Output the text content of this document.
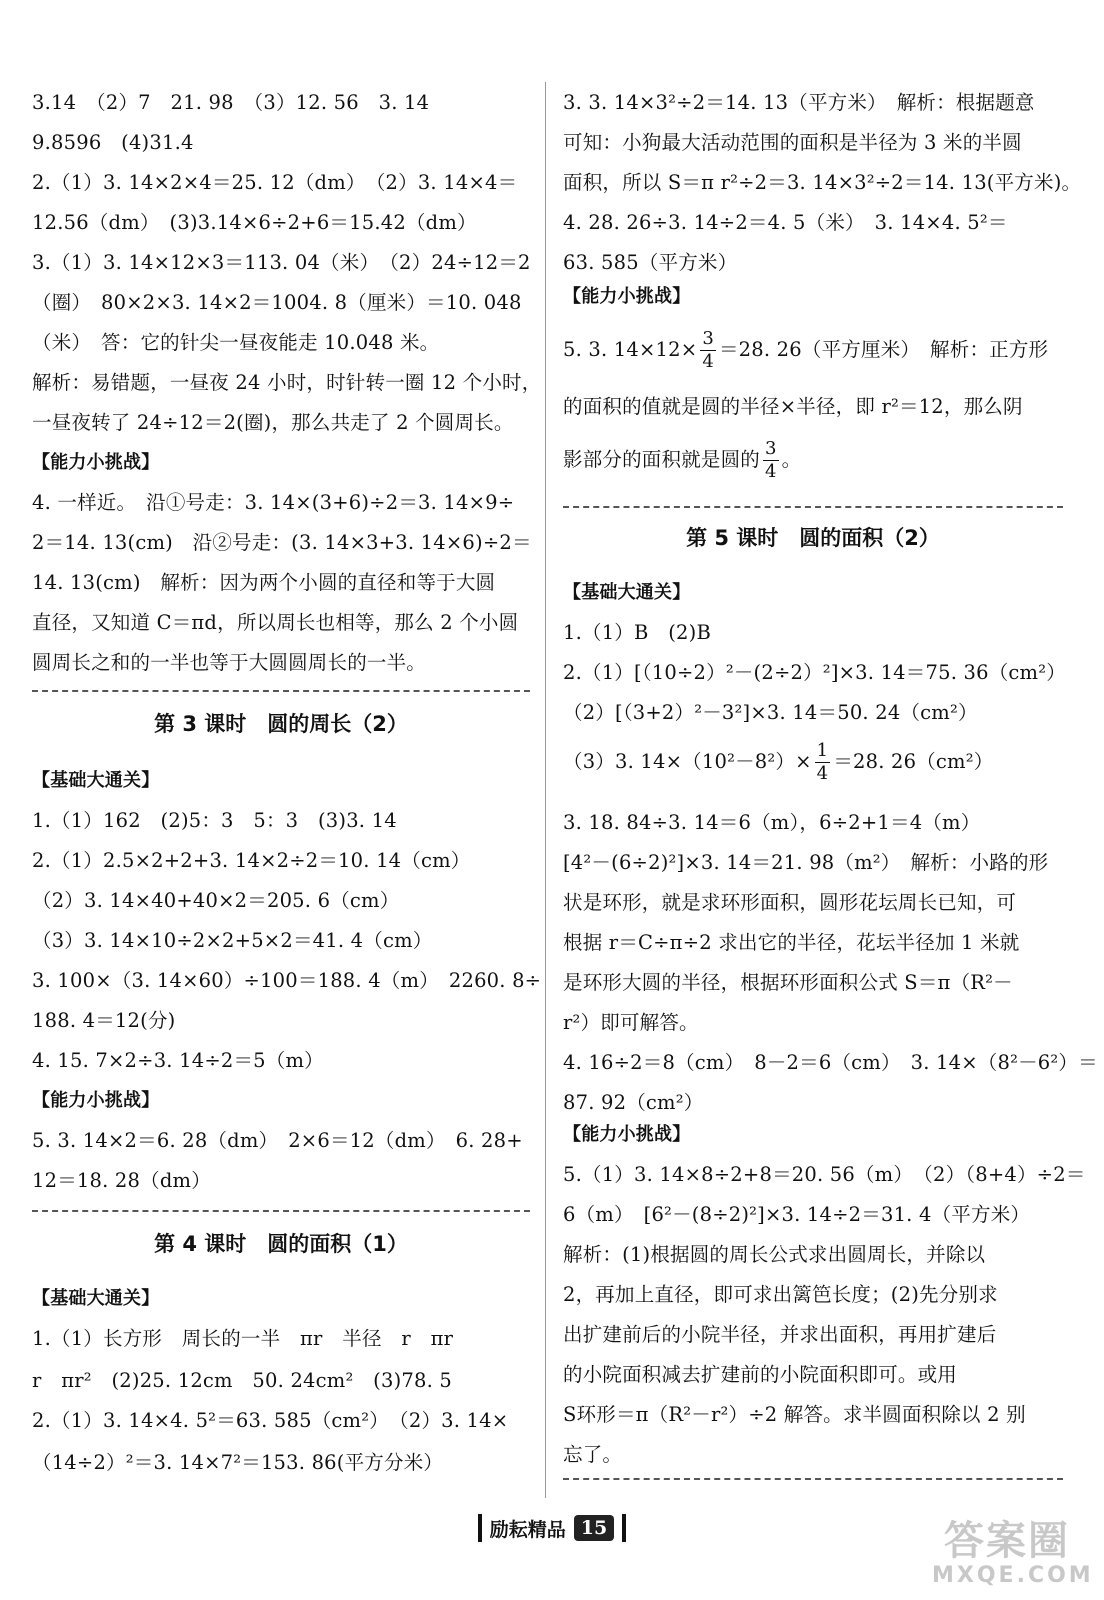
3.14　（2）7　21. 98　（3）12. 56　3. 14
9.8596　(4)31.4
2.（1）3. 14×2×4＝25. 12（dm）　（2）3. 14×4＝
12.56（dm）　(3)3.14×6÷2+6＝15.42（dm）
3.（1）3. 14×12×3＝113. 04（米）　（2）24÷12＝2
（圈）　80×2×3. 14×2＝1004. 8（厘米）＝10. 048
（米）　答：它的针尖一昼夜能走 10.048 米。
解析：易错题，一昼夜 24 小时，时针转一圈 12 个小时，
一昼夜转了 24÷12＝2(圈)，那么共走了 2 个圆周长。
【能力小挑战】
4. 一样近。　沿①号走：3. 14×(3+6)÷2＝3. 14×9÷
2＝14. 13(cm)　沿②号走：(3. 14×3+3. 14×6)÷2＝
14. 13(cm)　解析：因为两个小圆的直径和等于大圆
直径，又知道 C＝πd，所以周长也相等，那么 2 个小圆
圆周长之和的一半也等于大圆圆周长的一半。
第 3 课时　圆的周长（2）
【基础大通关】
1.（1）162　(2)5：3　5：3　(3)3. 14
2.（1）2.5×2+2+3. 14×2÷2＝10. 14（cm）
（2）3. 14×40+40×2＝205. 6（cm）
（3）3. 14×10÷2×2+5×2＝41. 4（cm）
3. 100×（3. 14×60）÷100＝188. 4（m）　2260. 8÷
188. 4＝12(分)
4. 15. 7×2÷3. 14÷2＝5（m）
【能力小挑战】
5. 3. 14×2＝6. 28（dm）　2×6＝12（dm）　6. 28+
12＝18. 28（dm）
第 4 课时　圆的面积（1）
【基础大通关】
1.（1）长方形　周长的一半　πr　半径　r　πr
r　πr²　(2)25. 12cm　50. 24cm²　(3)78. 5
2.（1）3. 14×4. 5²＝63. 585（cm²）　（2）3. 14×
（14÷2）²＝3. 14×7²＝153. 86(平方分米）
3. 3. 14×3²÷2＝14. 13（平方米）　解析：根据题意
可知：小狗最大活动范围的面积是半径为 3 米的半圆
面积，所以 S＝π r²÷2＝3. 14×3²÷2＝14. 13(平方米)。
4. 28. 26÷3. 14÷2＝4. 5（米）　3. 14×4. 5²＝
63. 585（平方米）
【能力小挑战】
5. 3. $14\times 12\times \frac{3}{4} =28$. 26（平方厘米）　解析：正方形
的面积的值就是圆的半径×半径，即 r²＝12，那么阴
影部分的面积就是圆的 $\frac{3}{4}$ 。
第 5 课时　圆的面积（2）
【基础大通关】
1.（1）B　(2)B
2.（1）[（10÷2）²－(2÷2）²]×3. 14＝75. 36（cm²）
（2）[（3+2）²－3²]×3. 14＝50. 24（cm²）
（3）3. $14\times(10^2-8^2)\times \frac{1}{4} =28$. 26（cm²）
3. 18. 84÷3. 14＝6（m），6÷2+1＝4（m）
[4²－(6÷2)²]×3. 14＝21. 98（m²）　解析：小路的形
状是环形，就是求环形面积，圆形花坛周长已知，可
根据 r＝C÷π÷2 求出它的半径，花坛半径加 1 米就
是环形大圆的半径，根据环形面积公式 S＝π（R²－
r²）即可解答。
4. 16÷2＝8（cm）　8－2＝6（cm）　3. 14×（8²－6²）＝
87. 92（cm²）
【能力小挑战】
5.（1）3. 14×8÷2+8＝20. 56（m）　（2）（8+4）÷2＝
6（m）　[6²－(8÷2)²]×3. 14÷2＝31. 4（平方米）
解析：(1)根据圆的周长公式求出圆周长，并除以
2，再加上直径，即可求出篱笆长度；(2)先分别求
出扩建前后的小院半径，并求出面积，再用扩建后
的小院面积减去扩建前的小院面积即可。或用
S环形＝π（R²－r²）÷2 解答。求半圆面积除以 2 别
忘了。
励耘精品 15	答案圈
MXQE.COM
